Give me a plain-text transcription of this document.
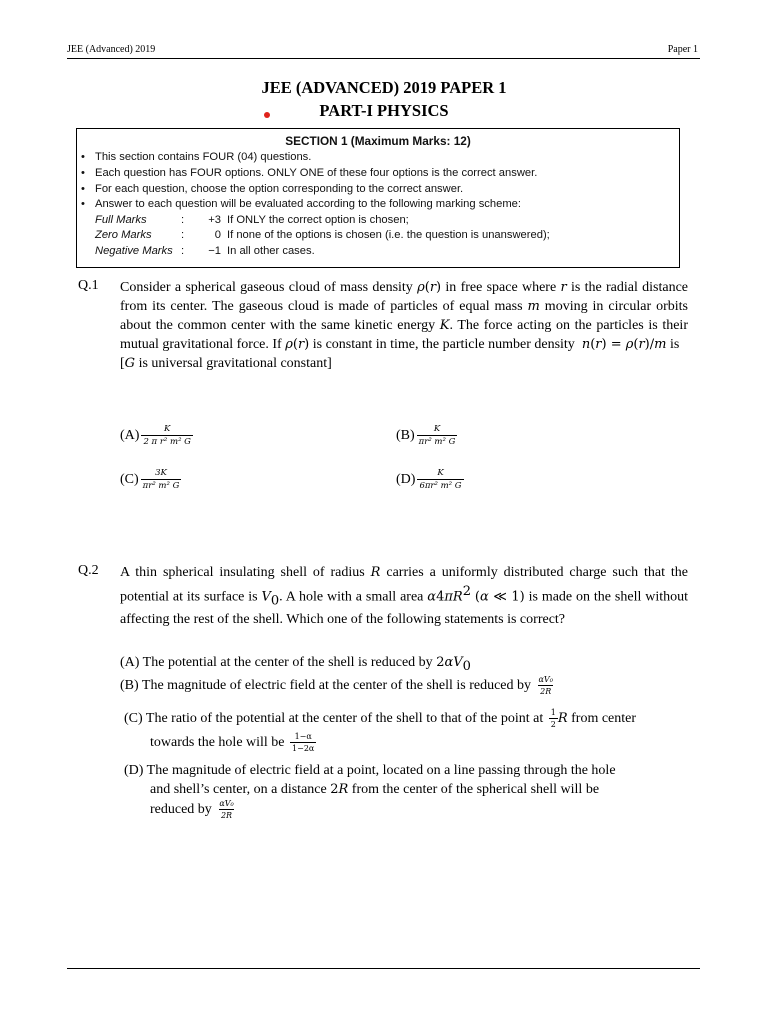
JEE (Advanced) 2019	Paper 1
JEE (ADVANCED) 2019 PAPER 1
PART-I PHYSICS
SECTION 1 (Maximum Marks: 12)
• This section contains FOUR (04) questions.
• Each question has FOUR options. ONLY ONE of these four options is the correct answer.
• For each question, choose the option corresponding to the correct answer.
• Answer to each question will be evaluated according to the following marking scheme:
Full Marks	:	+3 If ONLY the correct option is chosen;
Zero Marks	:	0 If none of the options is chosen (i.e. the question is unanswered);
Negative Marks :	−1 In all other cases.
Q.1 Consider a spherical gaseous cloud of mass density ρ(r) in free space where r is the radial distance from its center. The gaseous cloud is made of particles of equal mass m moving in circular orbits about the common center with the same kinetic energy K. The force acting on the particles is their mutual gravitational force. If ρ(r) is constant in time, the particle number density  n(r) = ρ(r)/m is
[G is universal gravitational constant]
$(A) \frac{K}{\text{2 π r² m² G}}$	$(B) \frac{K}{\text{πr² m² G}}$
$(C) \frac{3K}{\text{πr² m² G}}$	$(D) \frac{K}{\text{6πr² m² G}}$
Q.2 A thin spherical insulating shell of radius R carries a uniformly distributed charge such that the potential at its surface is $V_0$. A hole with a small area $\alpha 4\pi R^2$ (α ≪ 1) is made on the shell without affecting the rest of the shell. Which one of the following statements is correct?
(A) The potential at the center of the shell is reduced by $2\alpha V_0$
(B) The magnitude of electric field at the center of the shell is reduced by $\frac{\text{αV₀}}{2R}$
(C) The ratio of the potential at the center of the shell to that of the point at $\frac{1}{2}$ R from center
towards the hole will be $\frac{1-\alpha}{1-2\alpha}$
(D) The magnitude of electric field at a point, located on a line passing through the hole
and shell’s center, on a distance 2R from the center of the spherical shell will be
reduced by $\frac{\text{αV₀}}{2R}$
